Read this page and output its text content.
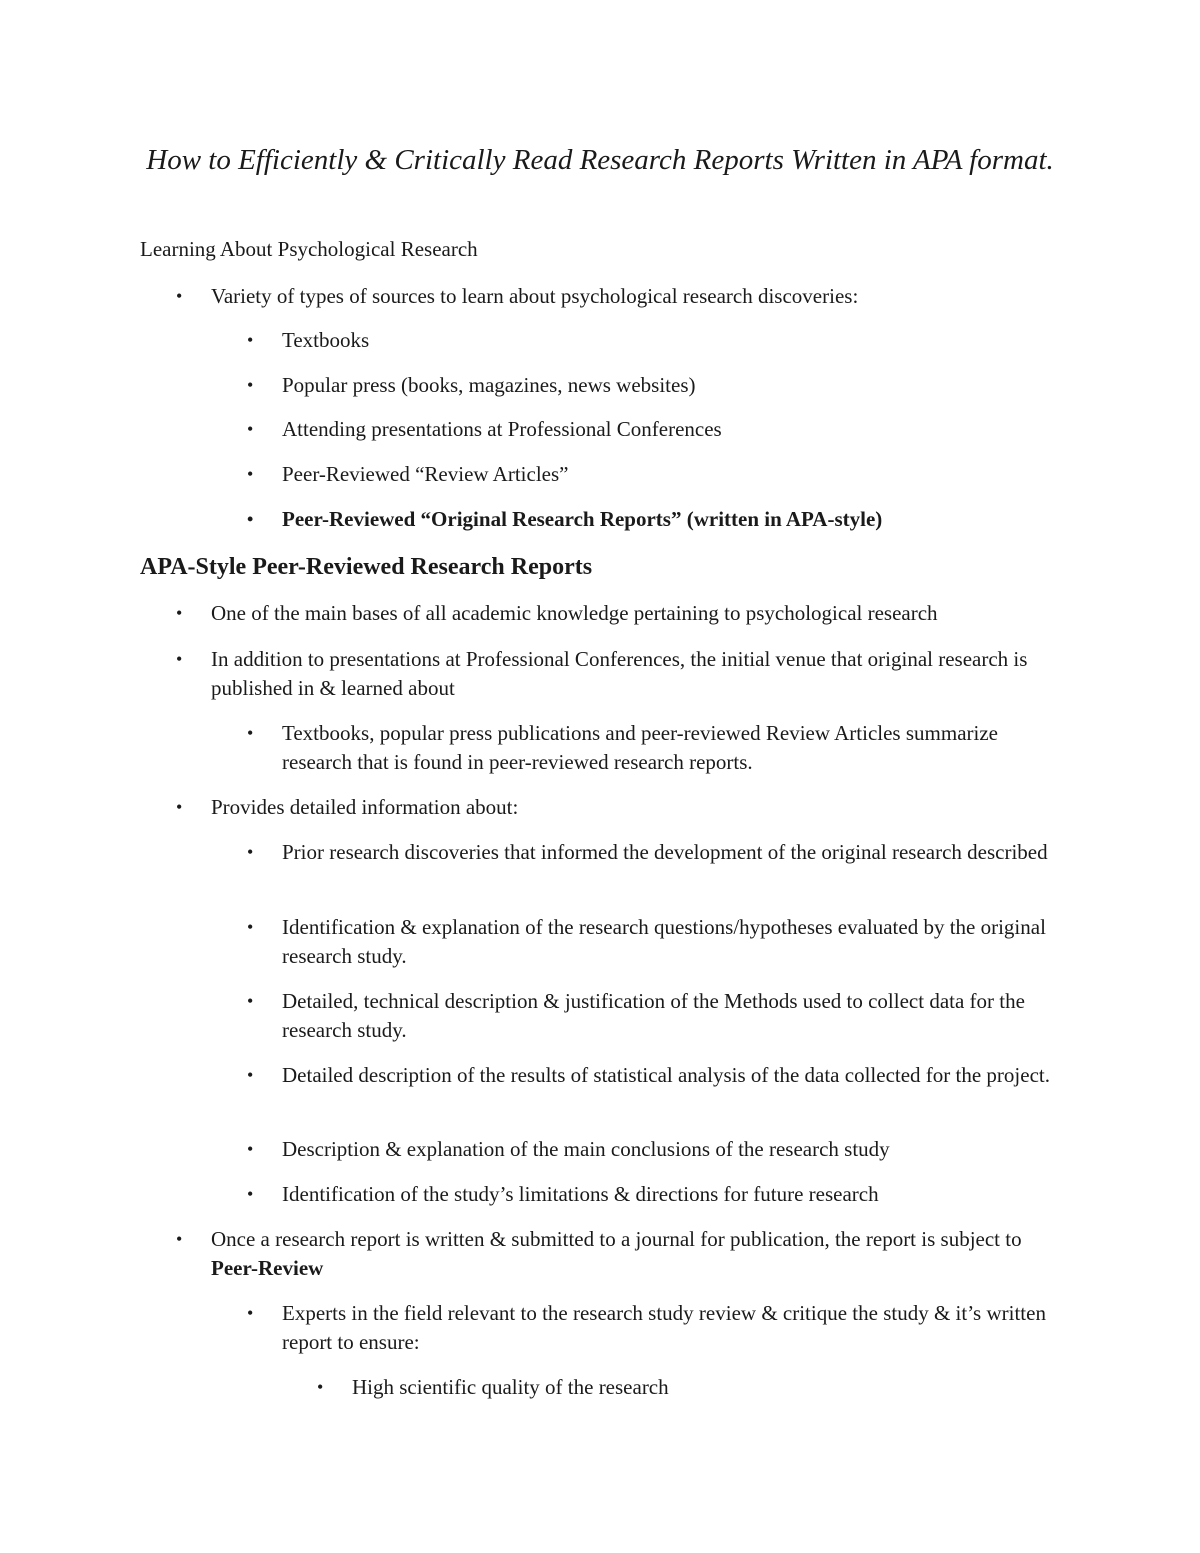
How to Efficiently & Critically Read Research Reports Written in APA format.

Learning About Psychological Research

• Variety of types of sources to learn about psychological research discoveries:

• Textbooks

• Popular press (books, magazines, news websites)

• Attending presentations at Professional Conferences

• Peer-Reviewed “Review Articles”

• Peer-Reviewed “Original Research Reports” (written in APA-style)

APA-Style Peer-Reviewed Research Reports

• One of the main bases of all academic knowledge pertaining to psychological research

• In addition to presentations at Professional Conferences, the initial venue that original research is published in & learned about

• Textbooks, popular press publications and peer-reviewed Review Articles summarize research that is found in peer-reviewed research reports.

• Provides detailed information about:

• Prior research discoveries that informed the development of the original research described

• Identification & explanation of the research questions/hypotheses evaluated by the original research study.

• Detailed, technical description & justification of the Methods used to collect data for the research study.

• Detailed description of the results of statistical analysis of the data collected for the project.

• Description & explanation of the main conclusions of the research study

• Identification of the study’s limitations & directions for future research

• Once a research report is written & submitted to a journal for publication, the report is subject to Peer-Review

• Experts in the field relevant to the research study review & critique the study & it’s written report to ensure:

• High scientific quality of the research
